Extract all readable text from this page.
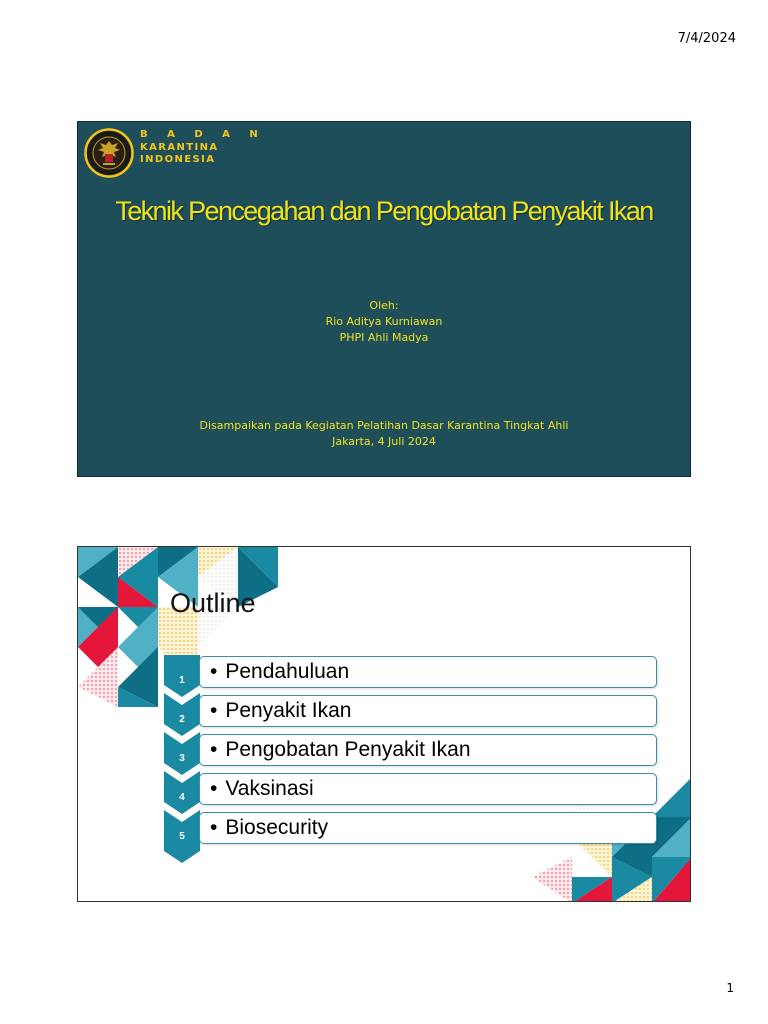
7/4/2024
B A D A N
KARANTINA
INDONESIA
Teknik Pencegahan dan Pengobatan Penyakit Ikan
Oleh:
Rio Aditya Kurniawan
PHPI Ahli Madya
Disampaikan pada Kegiatan Pelatihan Dasar Karantina Tingkat Ahli
Jakarta, 4 Juli 2024
Outline
1
2
3
4
5
• Pendahuluan
• Penyakit Ikan
• Pengobatan Penyakit Ikan
• Vaksinasi
• Biosecurity
1
